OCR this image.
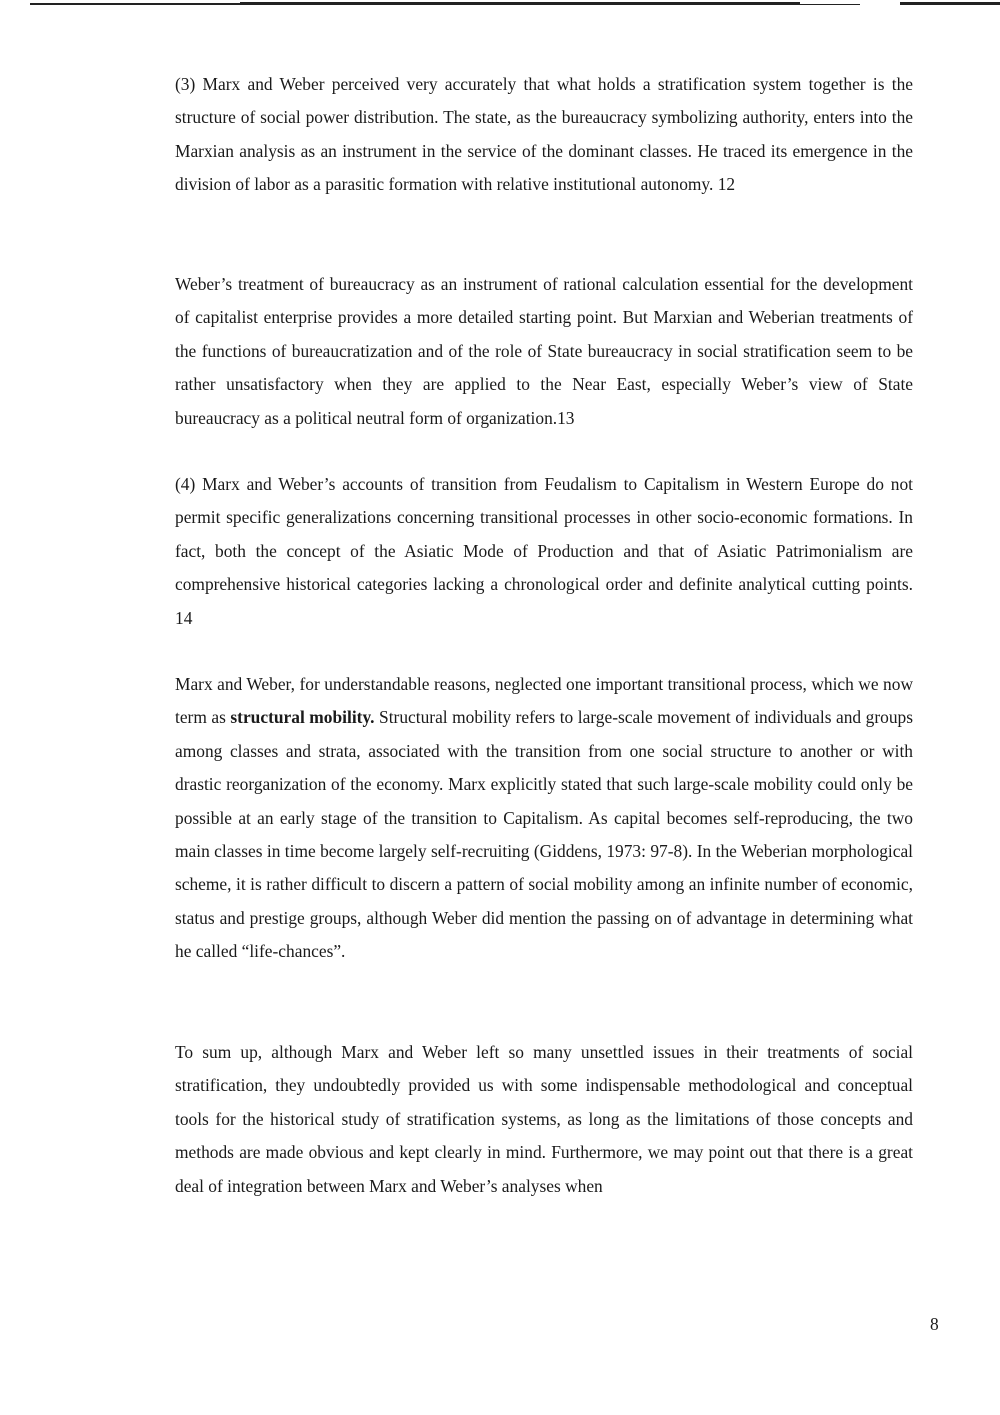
(3) Marx and Weber perceived very accurately that what holds a stratification system together is the structure of social power distribution. The state, as the bureaucracy symbolizing authority, enters into the Marxian analysis as an instrument in the service of the dominant classes. He traced its emergence in the division of labor as a parasitic formation with relative institutional autonomy. 12

Weber’s treatment of bureaucracy as an instrument of rational calculation essential for the development of capitalist enterprise provides a more detailed starting point. But Marxian and Weberian treatments of the functions of bureaucratization and of the role of State bureaucracy in social stratification seem to be rather unsatisfactory when they are applied to the Near East, especially Weber’s view of State bureaucracy as a political neutral form of organization.13

(4) Marx and Weber’s accounts of transition from Feudalism to Capitalism in Western Europe do not permit specific generalizations concerning transitional processes in other socio-economic formations. In fact, both the concept of the Asiatic Mode of Production and that of Asiatic Patrimonialism are comprehensive historical categories lacking a chronological order and definite analytical cutting points. 14

Marx and Weber, for understandable reasons, neglected one important transitional process, which we now term as structural mobility. Structural mobility refers to large-scale movement of individuals and groups among classes and strata, associated with the transition from one social structure to another or with drastic reorganization of the economy. Marx explicitly stated that such large-scale mobility could only be possible at an early stage of the transition to Capitalism. As capital becomes self-reproducing, the two main classes in time become largely self-recruiting (Giddens, 1973: 97-8). In the Weberian morphological scheme, it is rather difficult to discern a pattern of social mobility among an infinite number of economic, status and prestige groups, although Weber did mention the passing on of advantage in determining what he called “life-chances”.

To sum up, although Marx and Weber left so many unsettled issues in their treatments of social stratification, they undoubtedly provided us with some indispensable methodological and conceptual tools for the historical study of stratification systems, as long as the limitations of those concepts and methods are made obvious and kept clearly in mind. Furthermore, we may point out that there is a great deal of integration between Marx and Weber’s analyses when

8
